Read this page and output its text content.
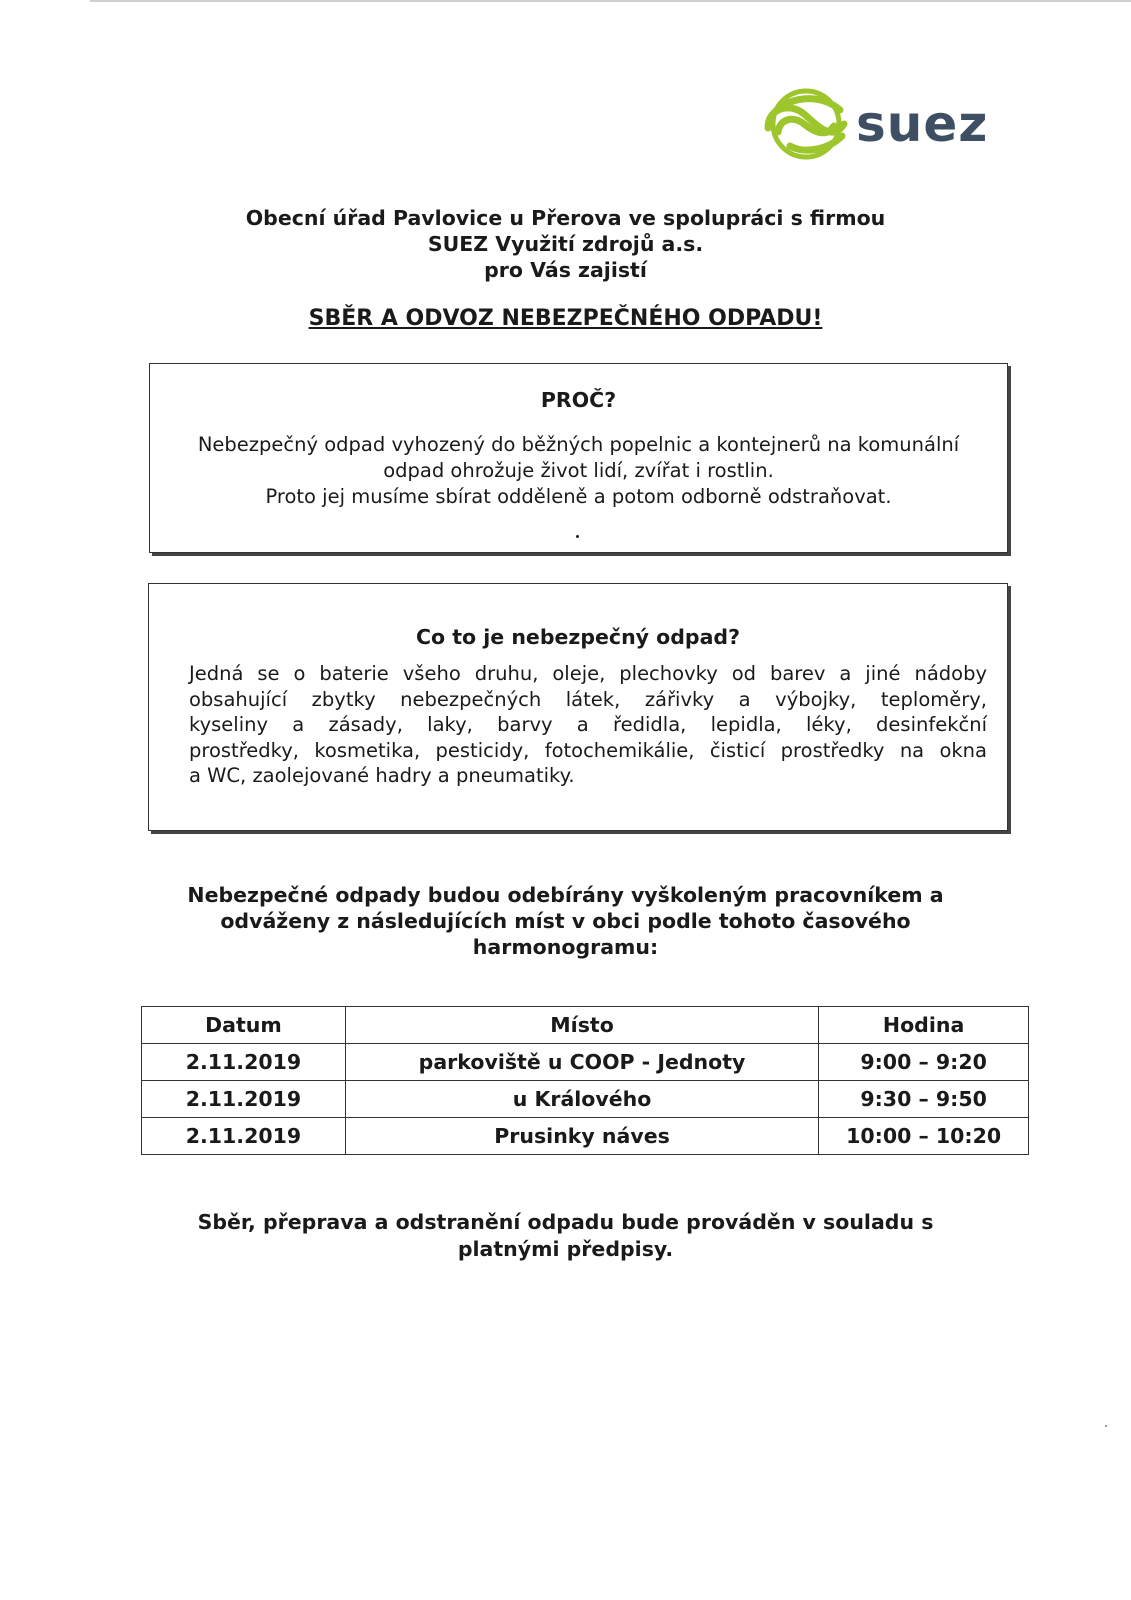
suez
Obecní úřad Pavlovice u Přerova ve spolupráci s firmou
SUEZ Využití zdrojů a.s.
pro Vás zajistí
SBĚR A ODVOZ NEBEZPEČNÉHO ODPADU!
PROČ?
Nebezpečný odpad vyhozený do běžných popelnic a kontejnerů na komunální
odpad ohrožuje život lidí, zvířat i rostlin.
Proto jej musíme sbírat odděleně a potom odborně odstraňovat.
Co to je nebezpečný odpad?
Jedná se o baterie všeho druhu, oleje, plechovky od barev a jiné nádoby
obsahující zbytky nebezpečných látek, zářivky a výbojky, teploměry,
kyseliny a zásady, laky, barvy a ředidla, lepidla, léky, desinfekční
prostředky, kosmetika, pesticidy, fotochemikálie, čisticí prostředky na okna
a WC, zaolejované hadry a pneumatiky.
Nebezpečné odpady budou odebírány vyškoleným pracovníkem a
odváženy z následujících míst v obci podle tohoto časového
harmonogramu:
Datum	Místo	Hodina
2.11.2019	parkoviště u COOP - Jednoty	9:00 – 9:20
2.11.2019	u Králového	9:30 – 9:50
2.11.2019	Prusinky náves	10:00 – 10:20
Sběr, přeprava a odstranění odpadu bude prováděn v souladu s
platnými předpisy.
